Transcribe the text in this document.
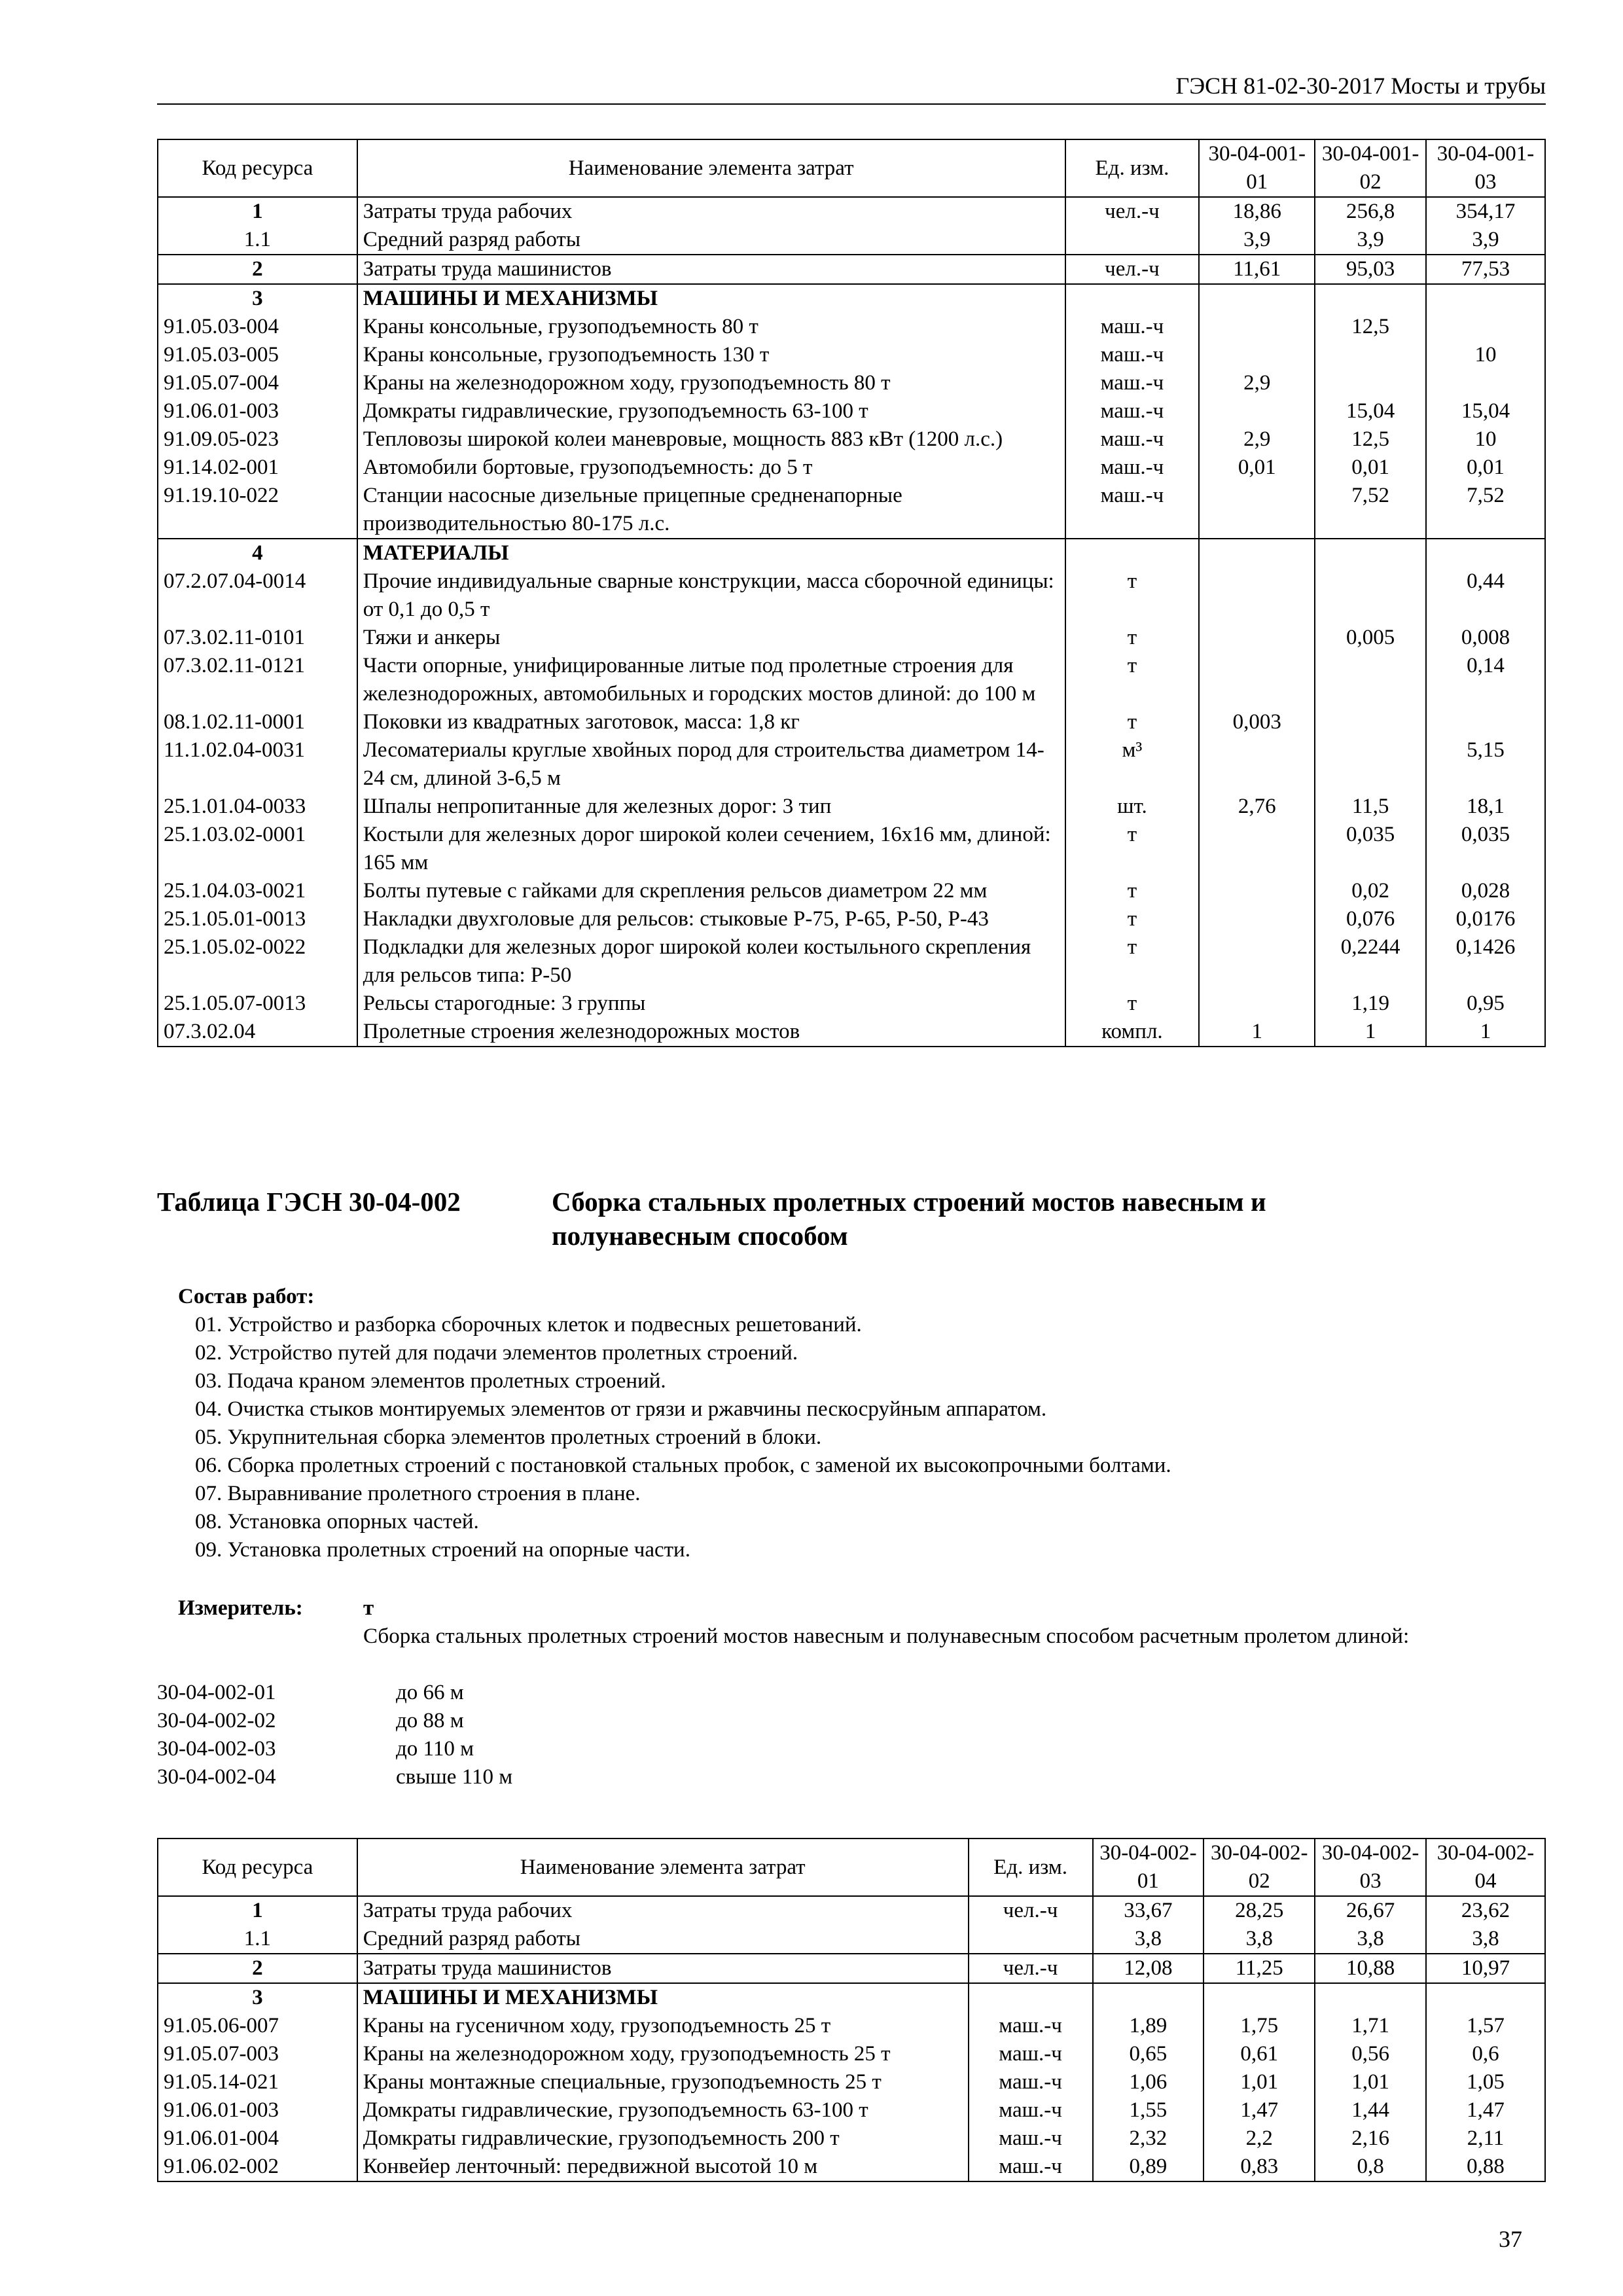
ГЭСН 81-02-30-2017 Мосты и трубы
Код ресурса	Наименование элемента затрат	Ед. изм.	30-04-001-01	30-04-001-02	30-04-001-03
1	Затраты труда рабочих	чел.-ч	18,86	256,8	354,17
1.1	Средний разряд работы		3,9	3,9	3,9
2	Затраты труда машинистов	чел.-ч	11,61	95,03	77,53
3	МАШИНЫ И МЕХАНИЗМЫ				
91.05.03-004	Краны консольные, грузоподъемность 80 т	маш.-ч		12,5	
91.05.03-005	Краны консольные, грузоподъемность 130 т	маш.-ч			10
91.05.07-004	Краны на железнодорожном ходу, грузоподъемность 80 т	маш.-ч	2,9		
91.06.01-003	Домкраты гидравлические, грузоподъемность 63-100 т	маш.-ч		15,04	15,04
91.09.05-023	Тепловозы широкой колеи маневровые, мощность 883 кВт (1200 л.с.)	маш.-ч	2,9	12,5	10
91.14.02-001	Автомобили бортовые, грузоподъемность: до 5 т	маш.-ч	0,01	0,01	0,01
91.19.10-022	Станции насосные дизельные прицепные средненапорные производительностью 80-175 л.с.	маш.-ч		7,52	7,52
4	МАТЕРИАЛЫ				
07.2.07.04-0014	Прочие индивидуальные сварные конструкции, масса сборочной единицы: от 0,1 до 0,5 т	т			0,44
07.3.02.11-0101	Тяжи и анкеры	т		0,005	0,008
07.3.02.11-0121	Части опорные, унифицированные литые под пролетные строения для железнодорожных, автомобильных и городских мостов длиной: до 100 м	т			0,14
08.1.02.11-0001	Поковки из квадратных заготовок, масса: 1,8 кг	т	0,003		
11.1.02.04-0031	Лесоматериалы круглые хвойных пород для строительства диаметром 14-24 см, длиной 3-6,5 м	м³			5,15
25.1.01.04-0033	Шпалы непропитанные для железных дорог: 3 тип	шт.	2,76	11,5	18,1
25.1.03.02-0001	Костыли для железных дорог широкой колеи сечением, 16х16 мм, длиной: 165 мм	т		0,035	0,035
25.1.04.03-0021	Болты путевые с гайками для скрепления рельсов диаметром 22 мм	т		0,02	0,028
25.1.05.01-0013	Накладки двухголовые для рельсов: стыковые Р-75, Р-65, Р-50, Р-43	т		0,076	0,0176
25.1.05.02-0022	Подкладки для железных дорог широкой колеи костыльного скрепления для рельсов типа: Р-50	т		0,2244	0,1426
25.1.05.07-0013	Рельсы старогодные: 3 группы	т		1,19	0,95
07.3.02.04	Пролетные строения железнодорожных мостов	компл.	1	1	1
Таблица ГЭСН 30-04-002	Сборка стальных пролетных строений мостов навесным и полунавесным способом
Состав работ:
01. Устройство и разборка сборочных клеток и подвесных решетований.
02. Устройство путей для подачи элементов пролетных строений.
03. Подача краном элементов пролетных строений.
04. Очистка стыков монтируемых элементов от грязи и ржавчины пескосруйным аппаратом.
05. Укрупнительная сборка элементов пролетных строений в блоки.
06. Сборка пролетных строений с постановкой стальных пробок, с заменой их высокопрочными болтами.
07. Выравнивание пролетного строения в плане.
08. Установка опорных частей.
09. Установка пролетных строений на опорные части.
Измеритель:	т
Сборка стальных пролетных строений мостов навесным и полунавесным способом расчетным пролетом длиной:
30-04-002-01	до 66 м
30-04-002-02	до 88 м
30-04-002-03	до 110 м
30-04-002-04	свыше 110 м
Код ресурса	Наименование элемента затрат	Ед. изм.	30-04-002-01	30-04-002-02	30-04-002-03	30-04-002-04
1	Затраты труда рабочих	чел.-ч	33,67	28,25	26,67	23,62
1.1	Средний разряд работы		3,8	3,8	3,8	3,8
2	Затраты труда машинистов	чел.-ч	12,08	11,25	10,88	10,97
3	МАШИНЫ И МЕХАНИЗМЫ					
91.05.06-007	Краны на гусеничном ходу, грузоподъемность 25 т	маш.-ч	1,89	1,75	1,71	1,57
91.05.07-003	Краны на железнодорожном ходу, грузоподъемность 25 т	маш.-ч	0,65	0,61	0,56	0,6
91.05.14-021	Краны монтажные специальные, грузоподъемность 25 т	маш.-ч	1,06	1,01	1,01	1,05
91.06.01-003	Домкраты гидравлические, грузоподъемность 63-100 т	маш.-ч	1,55	1,47	1,44	1,47
91.06.01-004	Домкраты гидравлические, грузоподъемность 200 т	маш.-ч	2,32	2,2	2,16	2,11
91.06.02-002	Конвейер ленточный: передвижной высотой 10 м	маш.-ч	0,89	0,83	0,8	0,88
37
